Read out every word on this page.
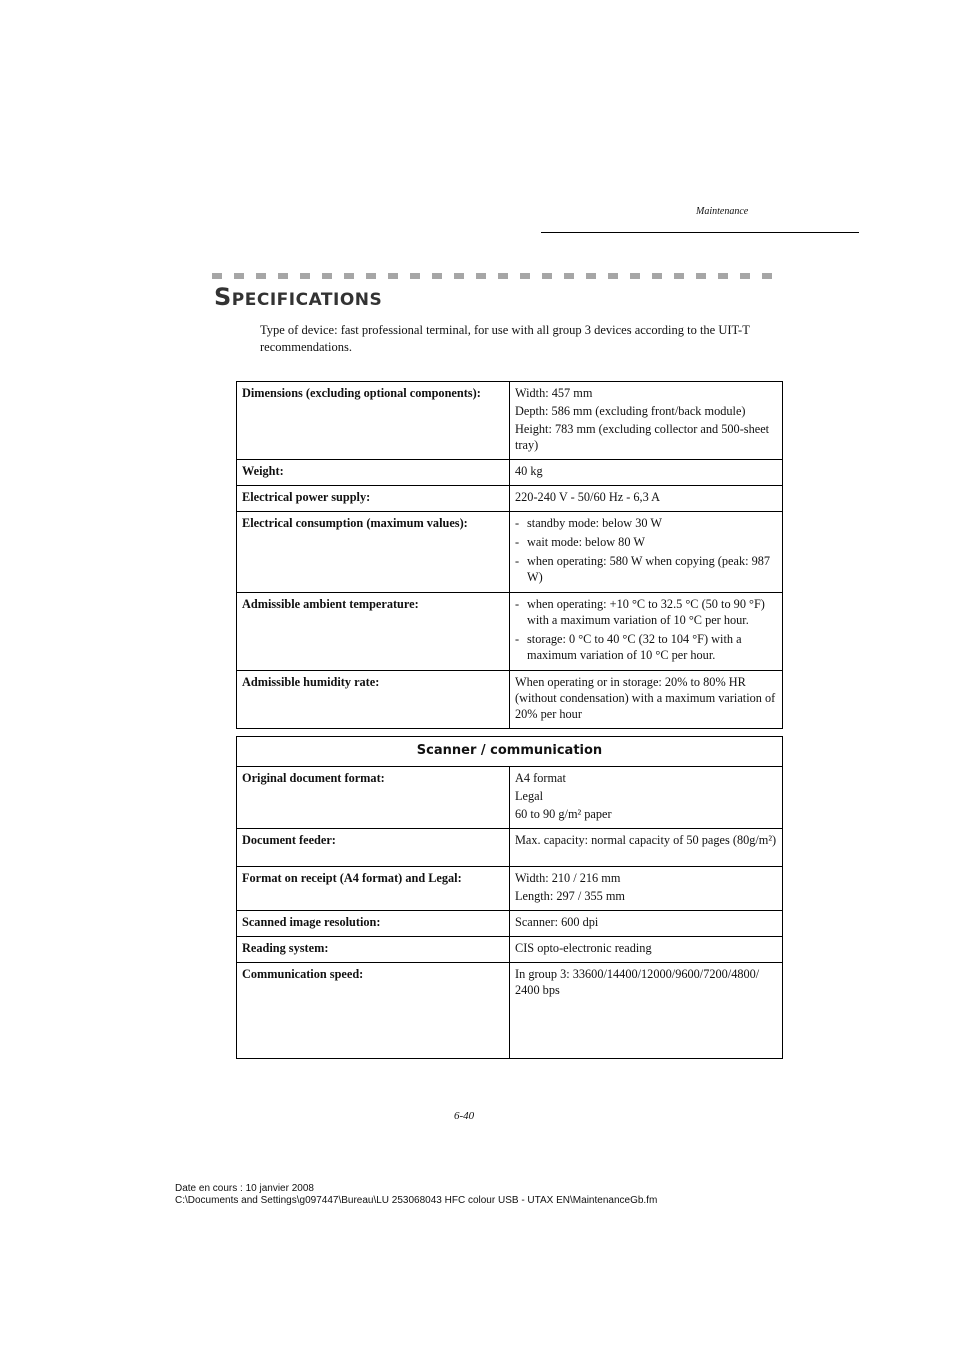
Maintenance
Specifications
Type of device: fast professional terminal, for use with all group 3 devices according to the UIT-T recommendations.
Dimensions (excluding optional components):	Width: 457 mm
Depth: 586 mm (excluding front/back module)
Height: 783 mm (excluding collector and 500-sheet tray)

Weight:	40 kg

Electrical power supply:	220-240 V - 50/60 Hz - 6,3 A

Electrical consumption (maximum values):	- standby mode: below 30 W
- wait mode: below 80 W
- when operating: 580 W when copying (peak: 987 W)

Admissible ambient temperature:	- when operating: +10 °C to 32.5 °C (50 to 90 °F) with a maximum variation of 10 °C per hour.
- storage: 0 °C to 40 °C (32 to 104 °F) with a maximum variation of 10 °C per hour.

Admissible humidity rate:	When operating or in storage: 20% to 80% HR (without condensation) with a maximum variation of 20% per hour
Scanner / communication	
Original document format:	A4 format
Legal
60 to 90 g/m² paper

Document feeder:	Max. capacity: normal capacity of 50 pages (80g/m²)

Format on receipt (A4 format) and Legal:	Width: 210 / 216 mm
Length: 297 / 355 mm

Scanned image resolution:	Scanner: 600 dpi

Reading system:	CIS opto-electronic reading

Communication speed:	In group 3: 33600/14400/12000/9600/7200/4800/ 2400 bps
6-40
Date en cours : 10 janvier 2008
C:\Documents and Settings\g097447\Bureau\LU 253068043 HFC colour USB - UTAX EN\MaintenanceGb.fm
